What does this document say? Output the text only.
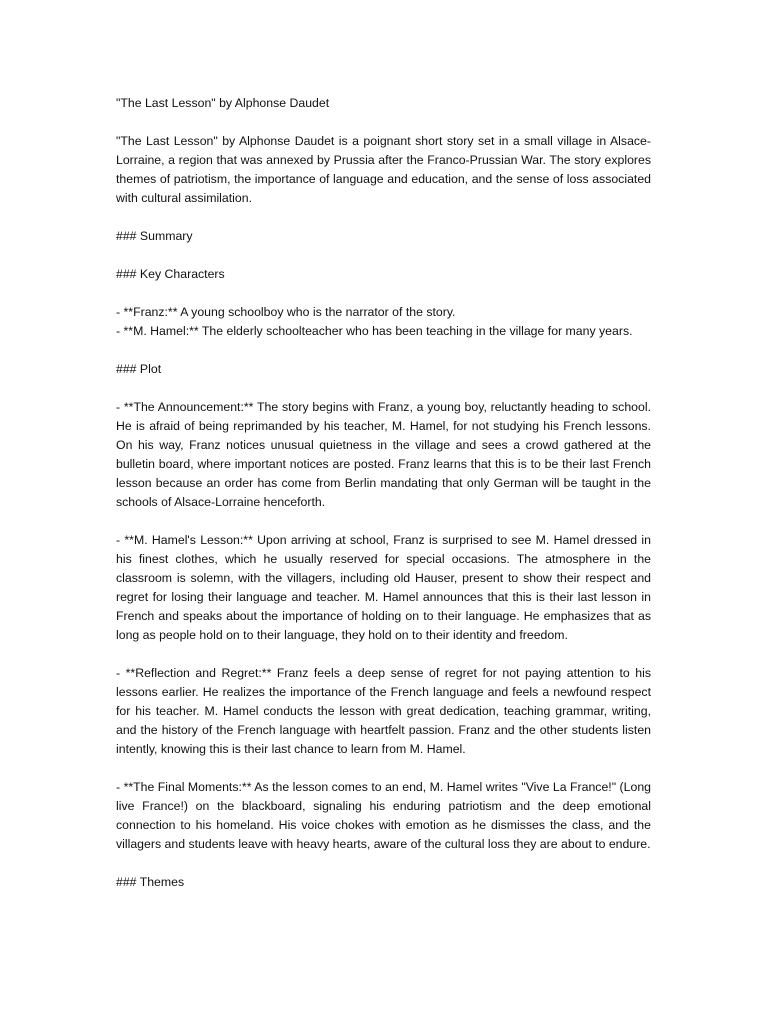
"The Last Lesson" by Alphonse Daudet

"The Last Lesson" by Alphonse Daudet is a poignant short story set in a small village in Alsace-Lorraine, a region that was annexed by Prussia after the Franco-Prussian War. The story explores themes of patriotism, the importance of language and education, and the sense of loss associated with cultural assimilation.

### Summary

### Key Characters

- **Franz:** A young schoolboy who is the narrator of the story.

- **M. Hamel:** The elderly schoolteacher who has been teaching in the village for many years.

### Plot

- **The Announcement:** The story begins with Franz, a young boy, reluctantly heading to school. He is afraid of being reprimanded by his teacher, M. Hamel, for not studying his French lessons. On his way, Franz notices unusual quietness in the village and sees a crowd gathered at the bulletin board, where important notices are posted. Franz learns that this is to be their last French lesson because an order has come from Berlin mandating that only German will be taught in the schools of Alsace-Lorraine henceforth.

- **M. Hamel's Lesson:** Upon arriving at school, Franz is surprised to see M. Hamel dressed in his finest clothes, which he usually reserved for special occasions. The atmosphere in the classroom is solemn, with the villagers, including old Hauser, present to show their respect and regret for losing their language and teacher. M. Hamel announces that this is their last lesson in French and speaks about the importance of holding on to their language. He emphasizes that as long as people hold on to their language, they hold on to their identity and freedom.

- **Reflection and Regret:** Franz feels a deep sense of regret for not paying attention to his lessons earlier. He realizes the importance of the French language and feels a newfound respect for his teacher. M. Hamel conducts the lesson with great dedication, teaching grammar, writing, and the history of the French language with heartfelt passion. Franz and the other students listen intently, knowing this is their last chance to learn from M. Hamel.

- **The Final Moments:** As the lesson comes to an end, M. Hamel writes "Vive La France!" (Long live France!) on the blackboard, signaling his enduring patriotism and the deep emotional connection to his homeland. His voice chokes with emotion as he dismisses the class, and the villagers and students leave with heavy hearts, aware of the cultural loss they are about to endure.

### Themes
